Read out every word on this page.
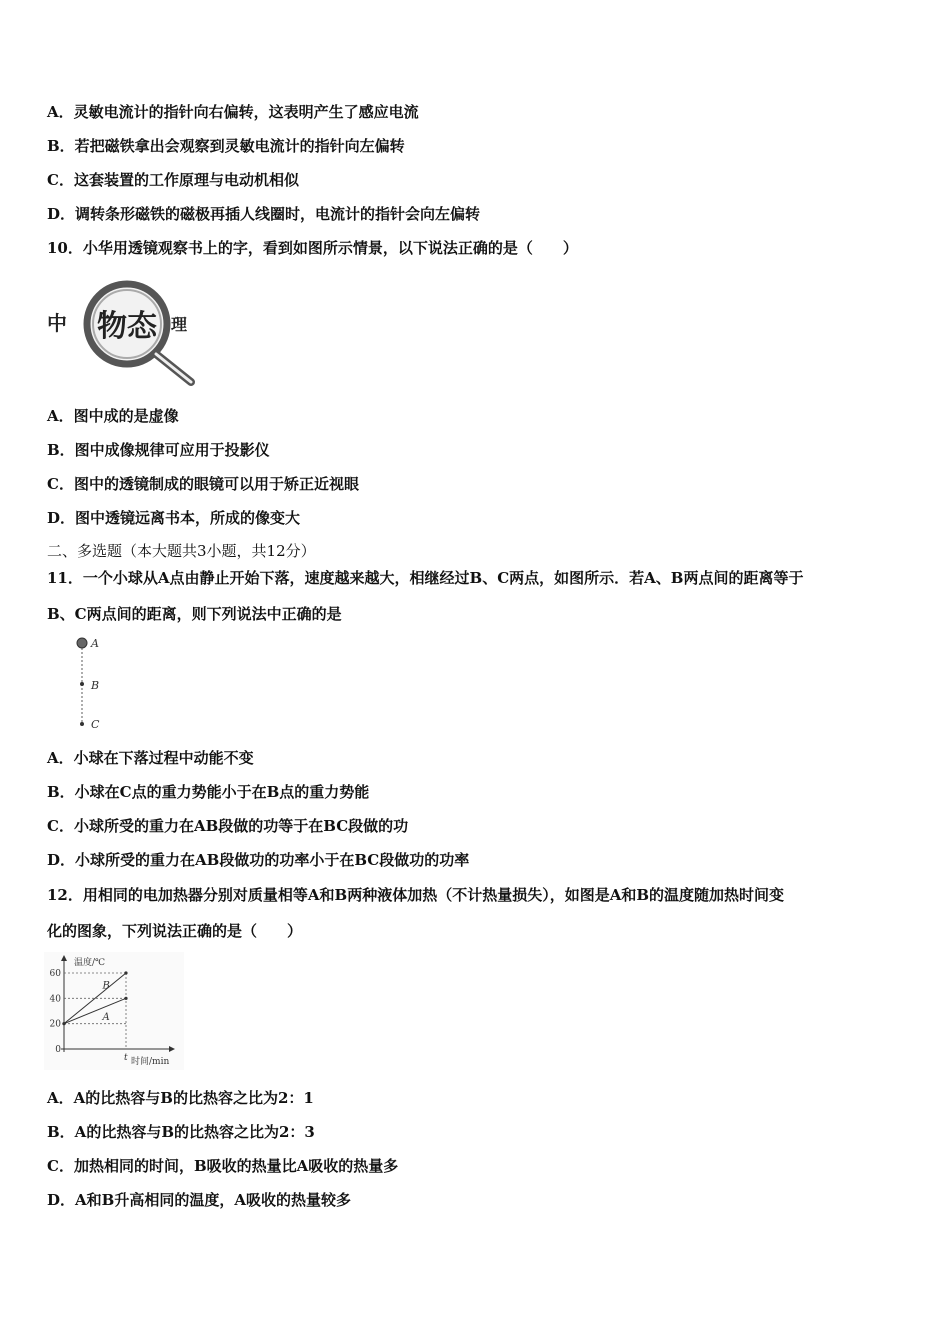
A．灵敏电流计的指针向右偏转，这表明产生了感应电流
B．若把磁铁拿出会观察到灵敏电流计的指针向左偏转
C．这套装置的工作原理与电动机相似
D．调转条形磁铁的磁极再插人线圈时，电流计的指针会向左偏转
10．小华用透镜观察书上的字，看到如图所示情景，以下说法正确的是（　　）
中 物态 理
A．图中成的是虚像
B．图中成像规律可应用于投影仪
C．图中的透镜制成的眼镜可以用于矫正近视眼
D．图中透镜远离书本，所成的像变大
二、多选题（本大题共3小题，共12分）
11．一个小球从A点由静止开始下落，速度越来越大，相继经过B、C两点，如图所示．若A、B两点间的距离等于
B、C两点间的距离，则下列说法中正确的是
A
B
C
A．小球在下落过程中动能不变
B．小球在C点的重力势能小于在B点的重力势能
C．小球所受的重力在AB段做的功等于在BC段做的功
D．小球所受的重力在AB段做功的功率小于在BC段做功的功率
12．用相同的电加热器分别对质量相等A和B两种液体加热（不计热量损失），如图是A和B的温度随加热时间变
化的图象，下列说法正确的是（　　）
0
20
40
60
A
B
温度/℃
时间/min
t
A．A的比热容与B的比热容之比为2：1
B．A的比热容与B的比热容之比为2：3
C．加热相同的时间，B吸收的热量比A吸收的热量多
D．A和B升高相同的温度，A吸收的热量较多
